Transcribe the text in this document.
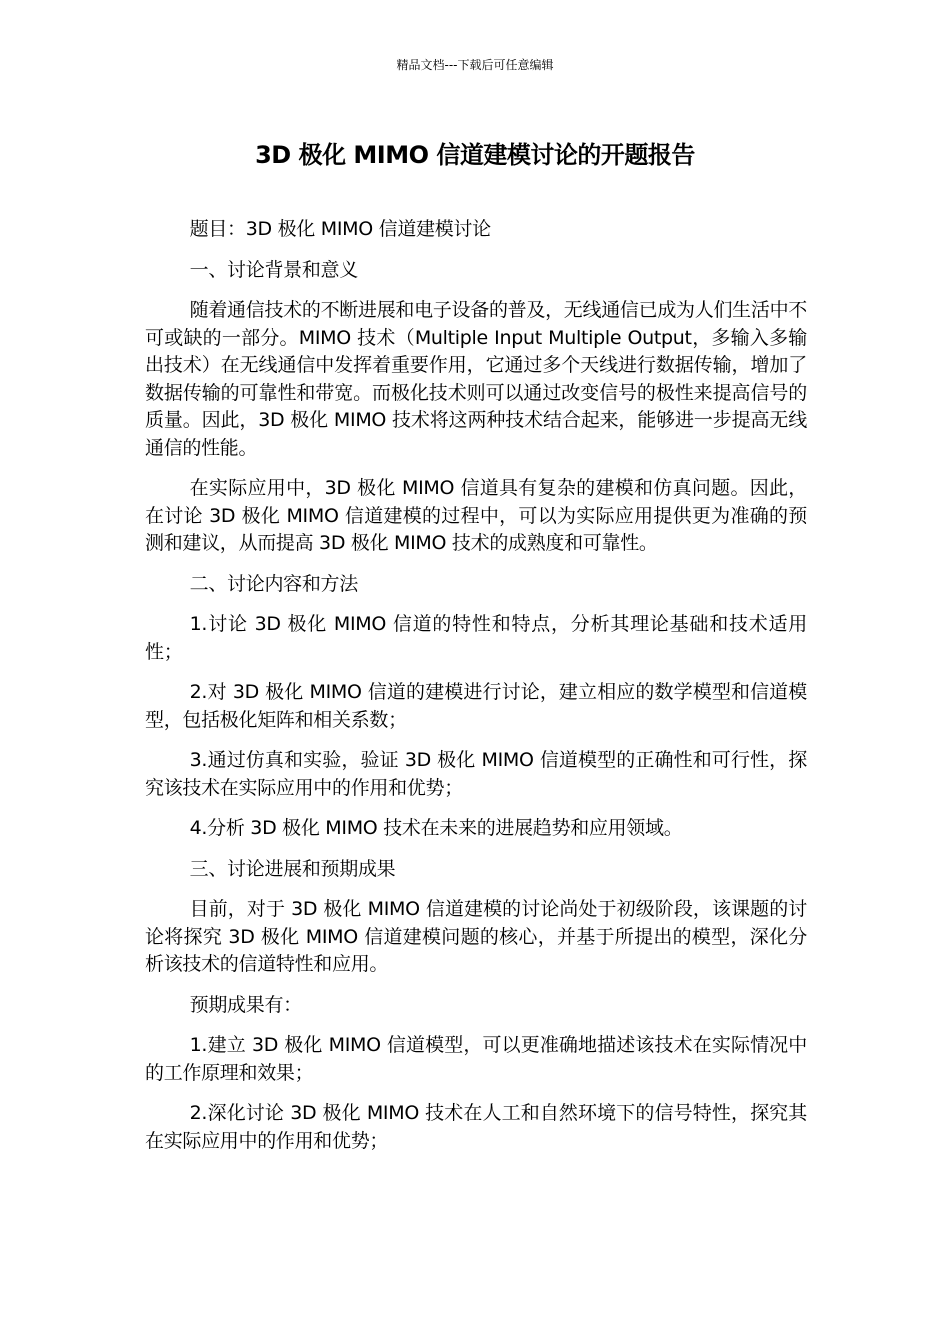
精品文档---下载后可任意编辑
3D 极化 MIMO 信道建模讨论的开题报告

题目：3D 极化 MIMO 信道建模讨论

一、讨论背景和意义

随着通信技术的不断进展和电子设备的普及，无线通信已成为人们生活中不可或缺的一部分。MIMO 技术（Multiple Input Multiple Output，多输入多输出技术）在无线通信中发挥着重要作用，它通过多个天线进行数据传输，增加了数据传输的可靠性和带宽。而极化技术则可以通过改变信号的极性来提高信号的质量。因此，3D 极化 MIMO 技术将这两种技术结合起来，能够进一步提高无线通信的性能。

在实际应用中，3D 极化 MIMO 信道具有复杂的建模和仿真问题。因此，在讨论 3D 极化 MIMO 信道建模的过程中，可以为实际应用提供更为准确的预测和建议，从而提高 3D 极化 MIMO 技术的成熟度和可靠性。

二、讨论内容和方法

1.讨论 3D 极化 MIMO 信道的特性和特点，分析其理论基础和技术适用性；

2.对 3D 极化 MIMO 信道的建模进行讨论，建立相应的数学模型和信道模型，包括极化矩阵和相关系数；

3.通过仿真和实验，验证 3D 极化 MIMO 信道模型的正确性和可行性，探究该技术在实际应用中的作用和优势；

4.分析 3D 极化 MIMO 技术在未来的进展趋势和应用领域。

三、讨论进展和预期成果

目前，对于 3D 极化 MIMO 信道建模的讨论尚处于初级阶段，该课题的讨论将探究 3D 极化 MIMO 信道建模问题的核心，并基于所提出的模型，深化分析该技术的信道特性和应用。

预期成果有：

1.建立 3D 极化 MIMO 信道模型，可以更准确地描述该技术在实际情况中的工作原理和效果；

2.深化讨论 3D 极化 MIMO 技术在人工和自然环境下的信号特性，探究其在实际应用中的作用和优势；
